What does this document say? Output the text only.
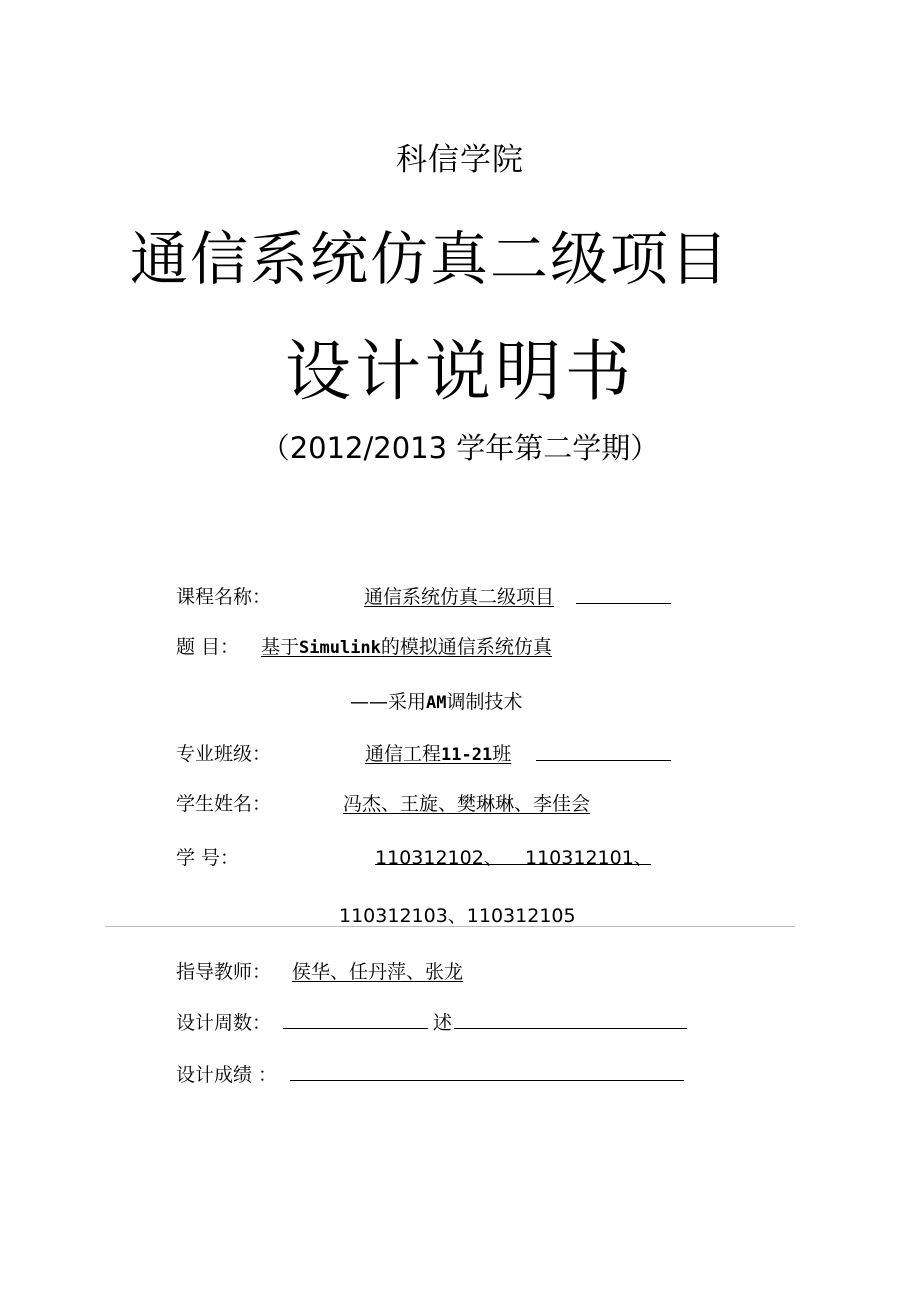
科信学院
通信系统仿真二级项目
设计说明书
（2012/2013 学年第二学期）
课程名称：	通信系统仿真二级项目
题 目： 基于Simulink的模拟通信系统仿真
——采用AM调制技术
专业班级：	通信工程11-21班
学生姓名：	冯杰、王旋、樊琳琳、李佳会
学 号：	110312102、 110312101、
110312103、110312105
指导教师： 侯华、任丹萍、张龙
设计周数：	述
设计成绩 ：
